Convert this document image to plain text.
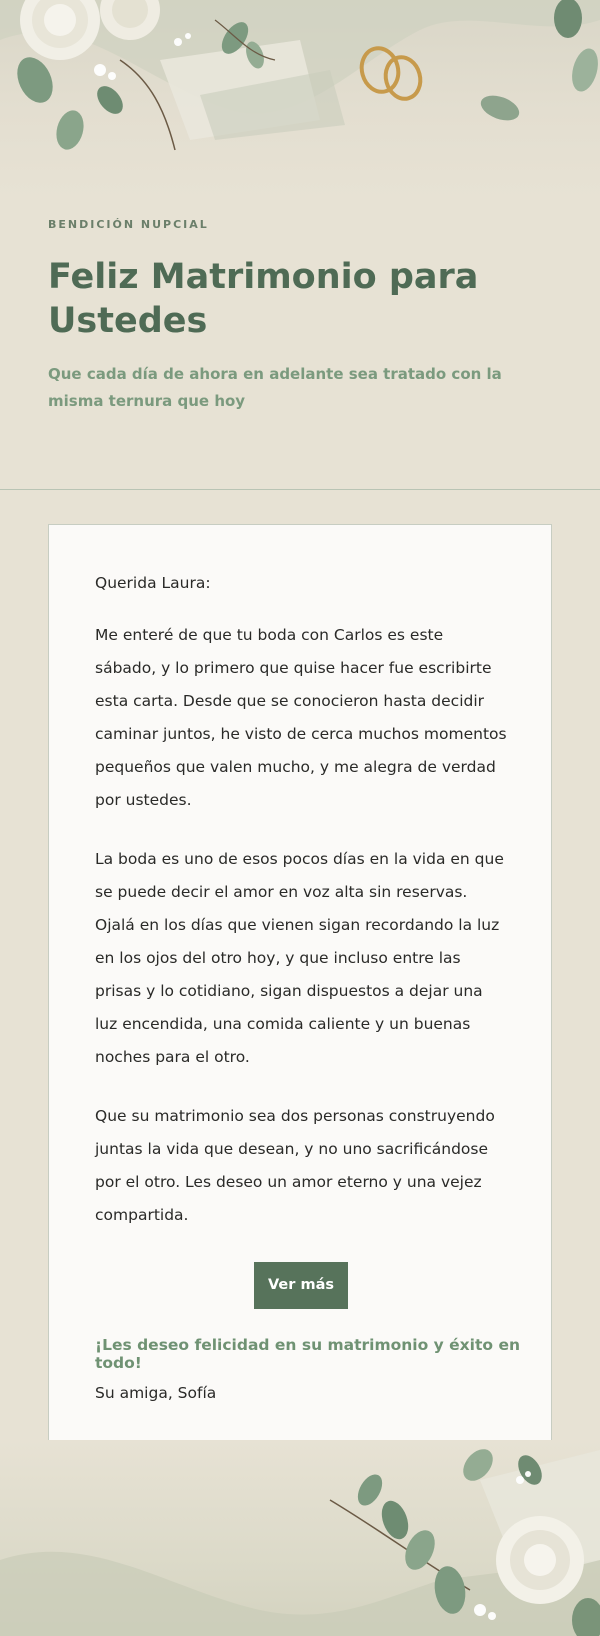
BENDICIÓN NUPCIAL
Feliz Matrimonio para Ustedes

Que cada día de ahora en adelante sea tratado con la misma ternura que hoy

Querida Laura:

Me enteré de que tu boda con Carlos es este sábado, y lo primero que quise hacer fue escribirte esta carta. Desde que se conocieron hasta decidir caminar juntos, he visto de cerca muchos momentos pequeños que valen mucho, y me alegra de verdad por ustedes.

La boda es uno de esos pocos días en la vida en que se puede decir el amor en voz alta sin reservas. Ojalá en los días que vienen sigan recordando la luz en los ojos del otro hoy, y que incluso entre las prisas y lo cotidiano, sigan dispuestos a dejar una luz encendida, una comida caliente y un buenas noches para el otro.

Que su matrimonio sea dos personas construyendo juntas la vida que desean, y no uno sacrificándose por el otro. Les deseo un amor eterno y una vejez compartida.

Ver más

¡Les deseo felicidad en su matrimonio y éxito en todo!

Su amiga, Sofía
